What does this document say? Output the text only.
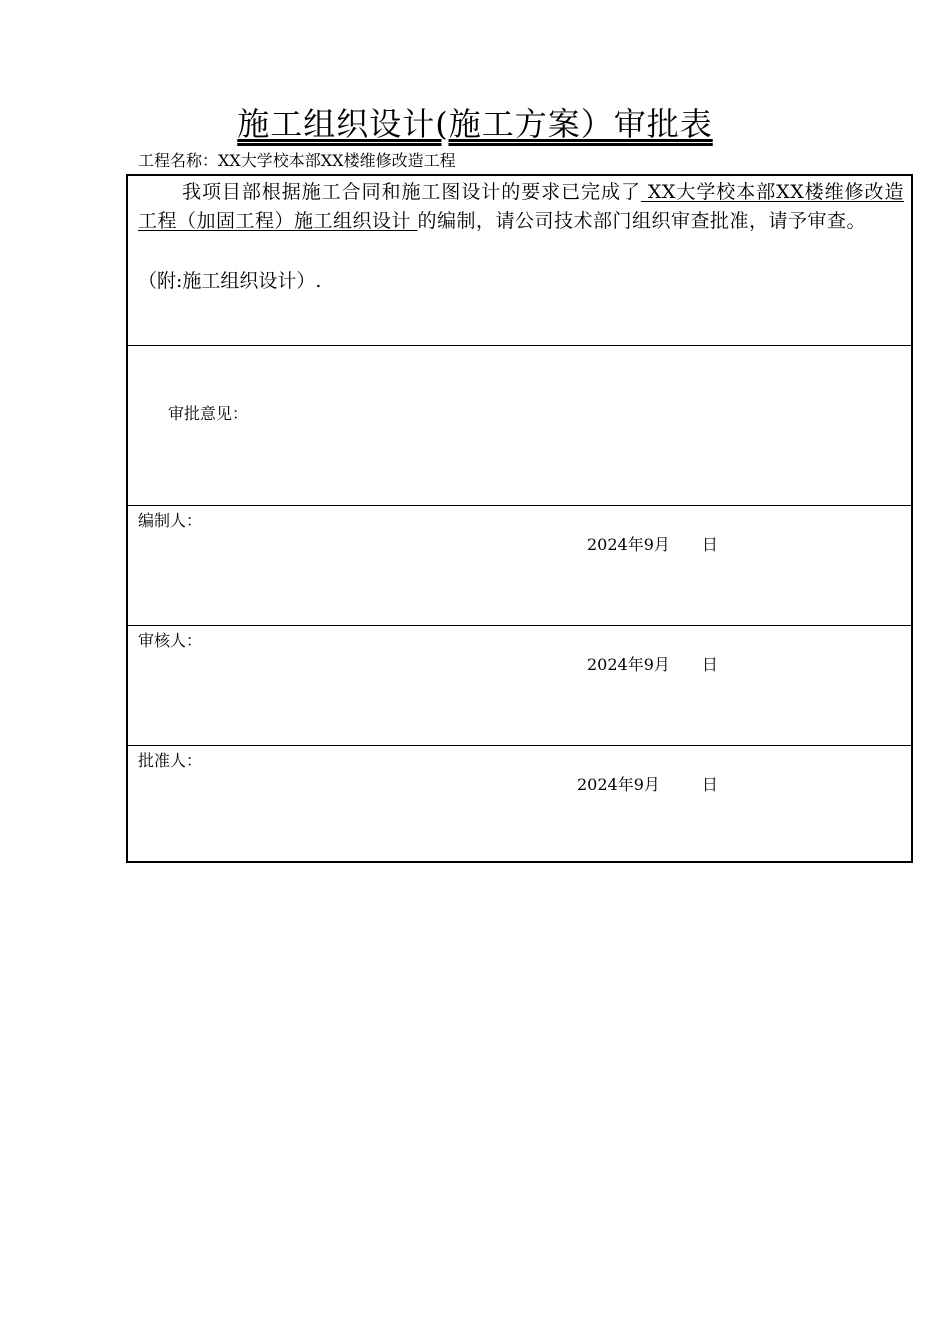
施工组织设计(施工方案）审批表
工程名称：XX大学校本部XX楼维修改造工程
我项目部根据施工合同和施工图设计的要求已完成了 XX大学校本部XX楼维修改造工程（加固工程）施工组织设计 的编制，请公司技术部门组织审查批准，请予审查。
（附:施工组织设计）.
审批意见：
编制人：
2024年9月 日
审核人：
2024年9月 日
批准人：
2024年9月	日
